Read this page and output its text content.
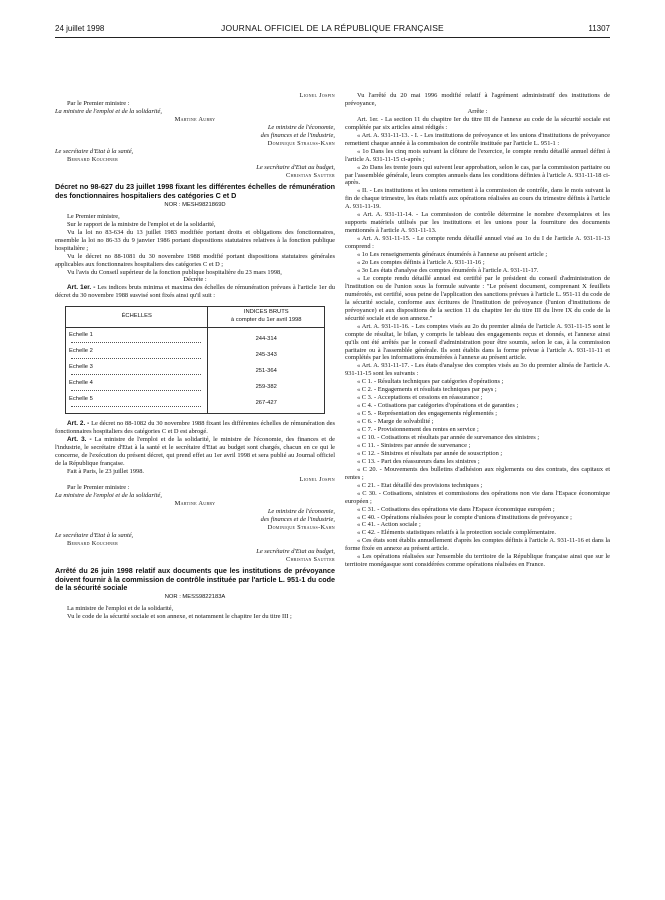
24 juillet 1998	JOURNAL OFFICIEL DE LA RÉPUBLIQUE FRANÇAISE	11307

Lionel Jospin

Par le Premier ministre :

La ministre de l'emploi et de la solidarité,

Martine Aubry

Le ministre de l'économie,

des finances et de l'industrie,

Dominique Strauss-Kahn

Le secrétaire d'Etat à la santé,

Bernard Kouchner

Le secrétaire d'Etat au budget,

Christian Sautter

Décret no 98-627 du 23 juillet 1998 fixant les différentes échelles de rémunération des fonctionnaires hospitaliers des catégories C et D
NOR : MESH9821869D

Le Premier ministre,

Sur le rapport de la ministre de l'emploi et de la solidarité,

Vu la loi no 83-634 du 13 juillet 1983 modifiée portant droits et obligations des fonctionnaires, ensemble la loi no 86-33 du 9 janvier 1986 portant dispositions statutaires relatives à la fonction publique hospitalière ;

Vu le décret no 88-1081 du 30 novembre 1988 modifié portant dispositions statutaires générales applicables aux fonctionnaires hospitaliers des catégories C et D ;

Vu l'avis du Conseil supérieur de la fonction publique hospitalière du 23 mars 1998,

Décrète :

Art. 1er. - Les indices bruts minima et maxima des échelles de rémunération prévues à l'article 1er du décret du 30 novembre 1988 susvisé sont fixés ainsi qu'il suit :

ÉCHELLES	INDICES BRUTS
à compter du 1er avril 1998

Echelle 1	244-314
Echelle 2	245-343
Echelle 3	251-364
Echelle 4	259-382
Echelle 5	267-427

Art. 2. - Le décret no 88-1082 du 30 novembre 1988 fixant les différentes échelles de rémunération des fonctionnaires hospitaliers des catégories C et D est abrogé.

Art. 3. - La ministre de l'emploi et de la solidarité, le ministre de l'économie, des finances et de l'industrie, le secrétaire d'Etat à la santé et le secrétaire d'Etat au budget sont chargés, chacun en ce qui le concerne, de l'exécution du présent décret, qui prend effet au 1er avril 1998 et sera publié au Journal officiel de la République française.

Fait à Paris, le 23 juillet 1998.

Lionel Jospin

Par le Premier ministre :

La ministre de l'emploi et de la solidarité,

Martine Aubry

Le ministre de l'économie,

des finances et de l'industrie,

Dominique Strauss-Kahn

Le secrétaire d'Etat à la santé,

Bernard Kouchner

Le secrétaire d'Etat au budget,

Christian Sautter

Arrêté du 26 juin 1998 relatif aux documents que les institutions de prévoyance doivent fournir à la commission de contrôle instituée par l'article L. 951-1 du code de la sécurité sociale
NOR : MESS9822183A

La ministre de l'emploi et de la solidarité,

Vu le code de la sécurité sociale et son annexe, et notamment le chapitre Ier du titre III ;

Vu l'arrêté du 20 mai 1996 modifié relatif à l'agrément administratif des institutions de prévoyance,

Arrête :

Art. 1er. - La section 11 du chapitre Ier du titre III de l'annexe au code de la sécurité sociale est complétée par six articles ainsi rédigés :

« Art. A. 931-11-13. - I. - Les institutions de prévoyance et les unions d'institutions de prévoyance remettent chaque année à la commission de contrôle instituée par l'article L. 951-1 :

« 1o Dans les cinq mois suivant la clôture de l'exercice, le compte rendu détaillé annuel défini à l'article A. 931-11-15 ci-après ;

« 2o Dans les trente jours qui suivent leur approbation, selon le cas, par la commission paritaire ou par l'assemblée générale, leurs comptes annuels dans les conditions définies à l'article A. 931-11-18 ci-après.

« II. - Les institutions et les unions remettent à la commission de contrôle, dans le mois suivant la fin de chaque trimestre, les états relatifs aux opérations réalisées au cours du trimestre définis à l'article A. 931-11-19.

« Art. A. 931-11-14. - La commission de contrôle détermine le nombre d'exemplaires et les supports matériels utilisés par les institutions et les unions pour la fourniture des documents mentionnés à l'article A. 931-11-13.

« Art. A. 931-11-15. - Le compte rendu détaillé annuel visé au 1o du I de l'article A. 931-11-13 comprend :

« 1o Les renseignements généraux énumérés à l'annexe au présent article ;

« 2o Les comptes définis à l'article A. 931-11-16 ;

« 3o Les états d'analyse des comptes énumérés à l'article A. 931-11-17.

« Le compte rendu détaillé annuel est certifié par le président du conseil d'administration de l'institution ou de l'union sous la formule suivante : "Le présent document, comprenant X feuillets numérotés, est certifié, sous peine de l'application des sanctions prévues à l'article L. 951-11 du code de la sécurité sociale, conforme aux écritures de l'institution de prévoyance (l'union d'institutions de prévoyance) et aux dispositions de la section 11 du chapitre Ier du titre III du livre IX du code de la sécurité sociale et de son annexe."

« Art. A. 931-11-16. - Les comptes visés au 2o du premier alinéa de l'article A. 931-11-15 sont le compte de résultat, le bilan, y compris le tableau des engagements reçus et donnés, et l'annexe ainsi qu'ils ont été arrêtés par le conseil d'administration pour être soumis, selon le cas, à la commission paritaire ou à l'assemblée générale. Ils sont établis dans la forme prévue à l'article A. 931-11-11 et complétés par les informations énumérées à l'annexe au présent article.

« Art. A. 931-11-17. - Les états d'analyse des comptes visés au 3o du premier alinéa de l'article A. 931-11-15 sont les suivants :

« C 1. - Résultats techniques par catégories d'opérations ;

« C 2. - Engagements et résultats techniques par pays ;

« C 3. - Acceptations et cessions en réassurance ;

« C 4. - Cotisations par catégories d'opérations et de garanties ;

« C 5. - Représentation des engagements réglementés ;

« C 6. - Marge de solvabilité ;

« C 7. - Provisionnement des rentes en service ;

« C 10. - Cotisations et résultats par année de survenance des sinistres ;

« C 11. - Sinistres par année de survenance ;

« C 12. - Sinistres et résultats par année de souscription ;

« C 13. - Part des réassureurs dans les sinistres ;

« C 20. - Mouvements des bulletins d'adhésion aux règlements ou des contrats, des capitaux et rentes ;

« C 21. - Etat détaillé des provisions techniques ;

« C 30. - Cotisations, sinistres et commissions des opérations non vie dans l'Espace économique européen ;

« C 31. - Cotisations des opérations vie dans l'Espace économique européen ;

« C 40. - Opérations réalisées pour le compte d'unions d'institutions de prévoyance ;

« C 41. - Action sociale ;

« C 42. - Eléments statistiques relatifs à la protection sociale complémentaire.

« Ces états sont établis annuellement d'après les comptes définis à l'article A. 931-11-16 et dans la forme fixée en annexe au présent article.

« Les opérations réalisées sur l'ensemble du territoire de la République française ainsi que sur le territoire monégasque sont considérées comme opérations réalisées en France.
